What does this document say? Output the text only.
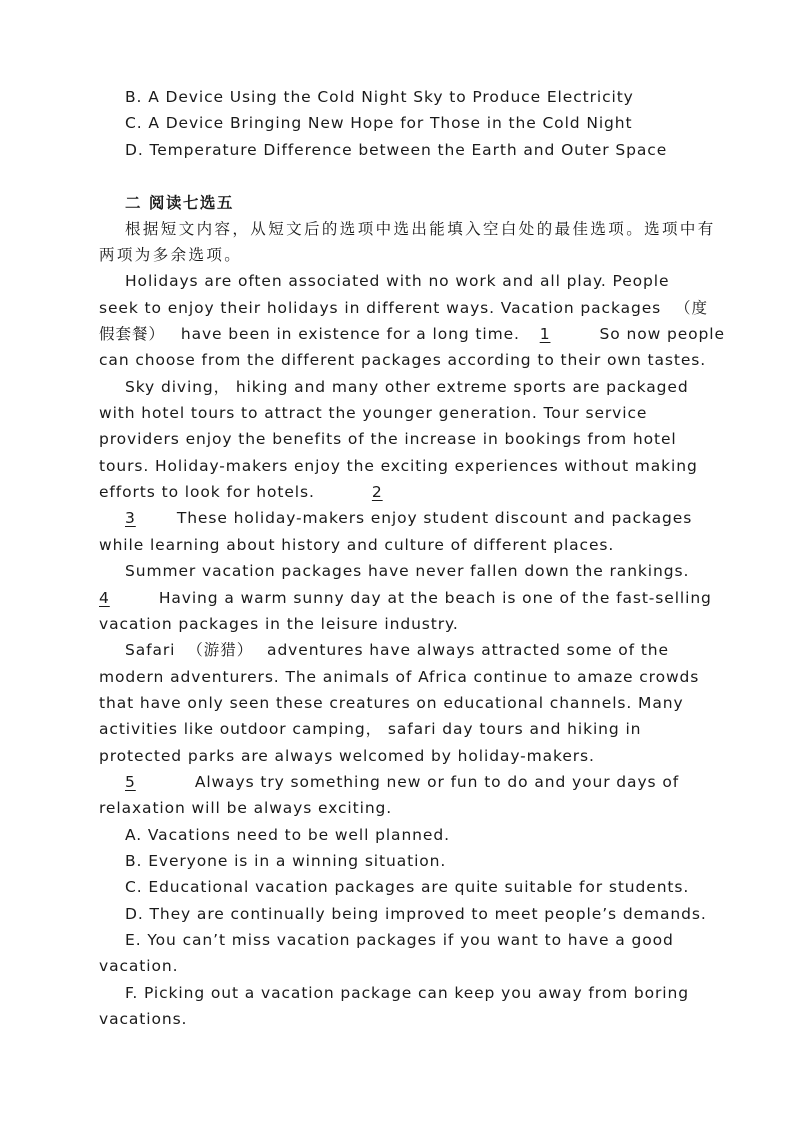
B. A Device Using the Cold Night Sky to Produce Electricity
C. A Device Bringing New Hope for Those in the Cold Night
D. Temperature Difference between the Earth and Outer Space
二 阅读七选五
根据短文内容，从短文后的选项中选出能填入空白处的最佳选项。选项中有
两项为多余选项。
Holidays are often associated with no work and all play. People
seek to enjoy their holidays in different ways. Vacation packages （度
假套餐） have been in existence for a long time. 1	So now people
can choose from the different packages according to their own tastes.
Sky diving， hiking and many other extreme sports are packaged
with hotel tours to attract the younger generation. Tour service
providers enjoy the benefits of the increase in bookings from hotel
tours. Holiday-makers enjoy the exciting experiences without making
efforts to look for hotels.	2
3	These holiday-makers enjoy student discount and packages
while learning about history and culture of different places.
Summer vacation packages have never fallen down the rankings.
4	Having a warm sunny day at the beach is one of the fast-selling
vacation packages in the leisure industry.
Safari （游猎） adventures have always attracted some of the
modern adventurers. The animals of Africa continue to amaze crowds
that have only seen these creatures on educational channels. Many
activities like outdoor camping， safari day tours and hiking in
protected parks are always welcomed by holiday-makers.
5	Always try something new or fun to do and your days of
relaxation will be always exciting.
A. Vacations need to be well planned.
B. Everyone is in a winning situation.
C. Educational vacation packages are quite suitable for students.
D. They are continually being improved to meet people’s demands.
E. You can’t miss vacation packages if you want to have a good
vacation.
F. Picking out a vacation package can keep you away from boring
vacations.
